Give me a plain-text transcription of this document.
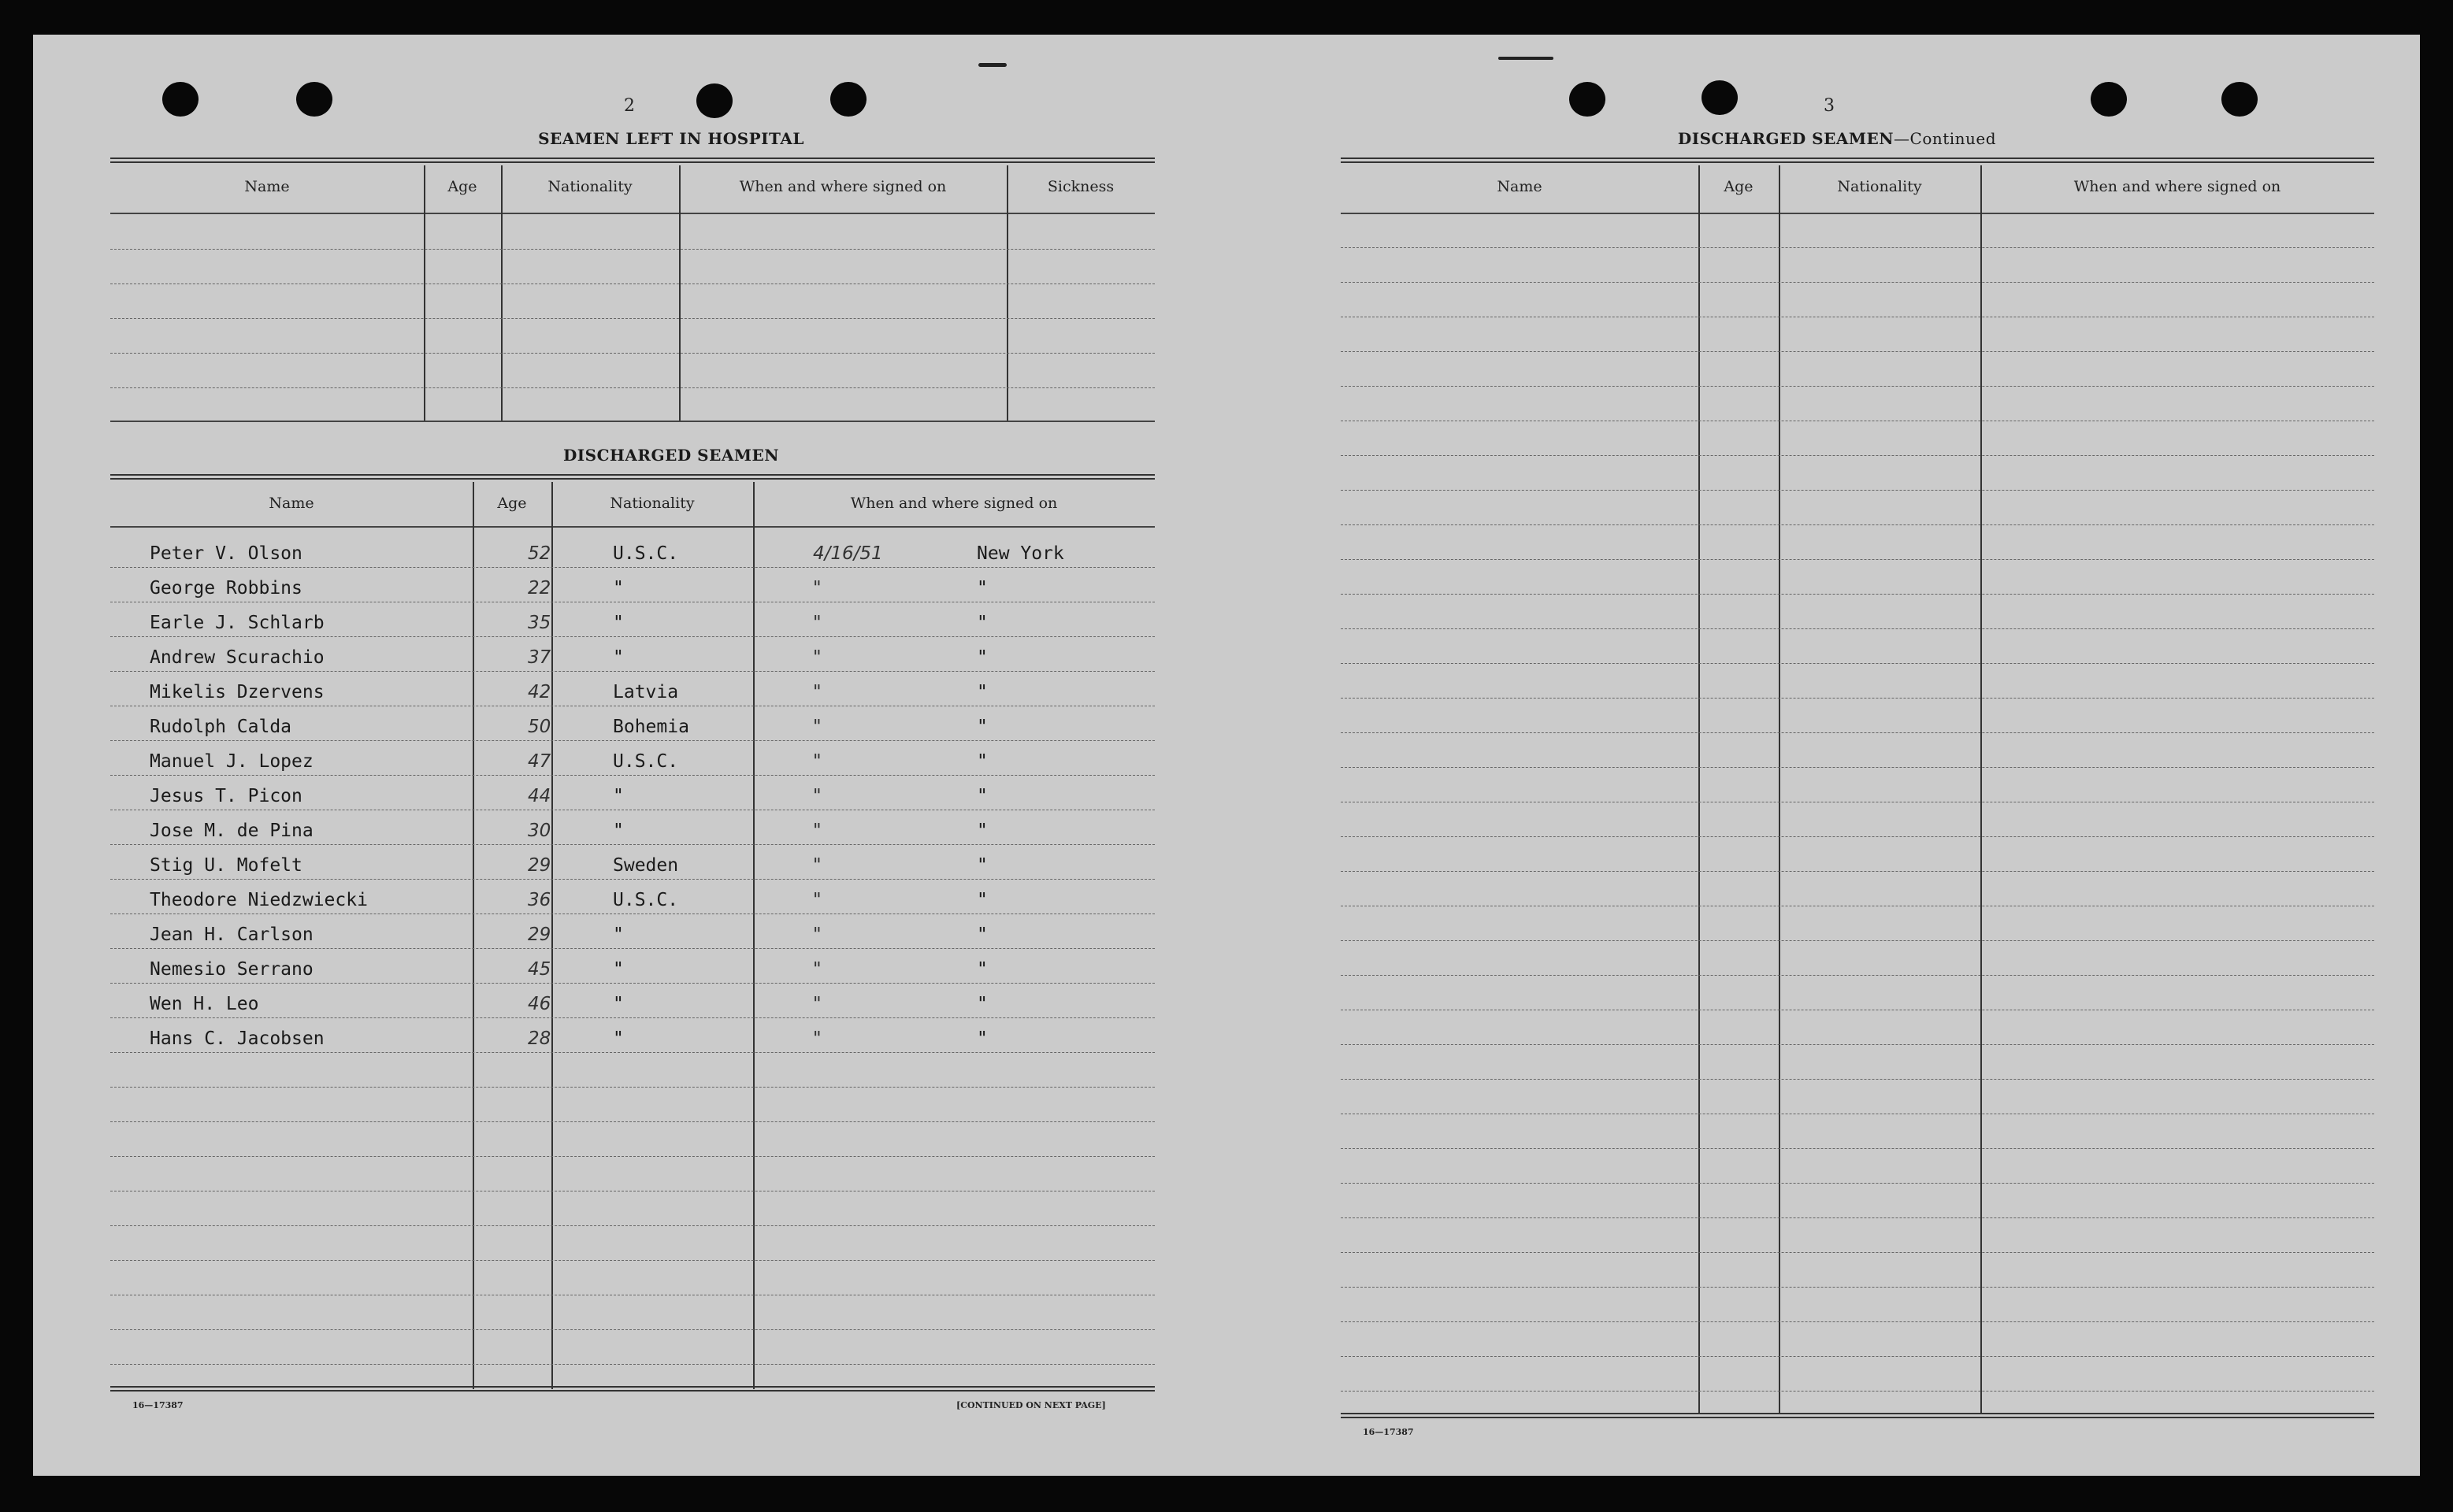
2
SEAMEN LEFT IN HOSPITAL
Name	Age	Nationality	When and where signed on	Sickness
DISCHARGED SEAMEN
Name	Age	Nationality	When and where signed on
Peter V. Olson	52	U.S.C.	4/16/51	New York
George Robbins	22	"	"	"
Earle J. Schlarb	35	"	"	"
Andrew Scurachio	37	"	"	"
Mikelis Dzervens	42	Latvia	"	"
Rudolph Calda	50	Bohemia	"	"
Manuel J. Lopez	47	U.S.C.	"	"
Jesus T. Picon	44	"	"	"
Jose M. de Pina	30	"	"	"
Stig U. Mofelt	29	Sweden	"	"
Theodore Niedzwiecki	36	U.S.C.	"	"
Jean H. Carlson	29	"	"	"
Nemesio Serrano	45	"	"	"
Wen H. Leo	46	"	"	"
Hans C. Jacobsen	28	"	"	"
16—17387	[CONTINUED ON NEXT PAGE]
3
DISCHARGED SEAMEN—Continued
Name	Age	Nationality	When and where signed on
16—17387
